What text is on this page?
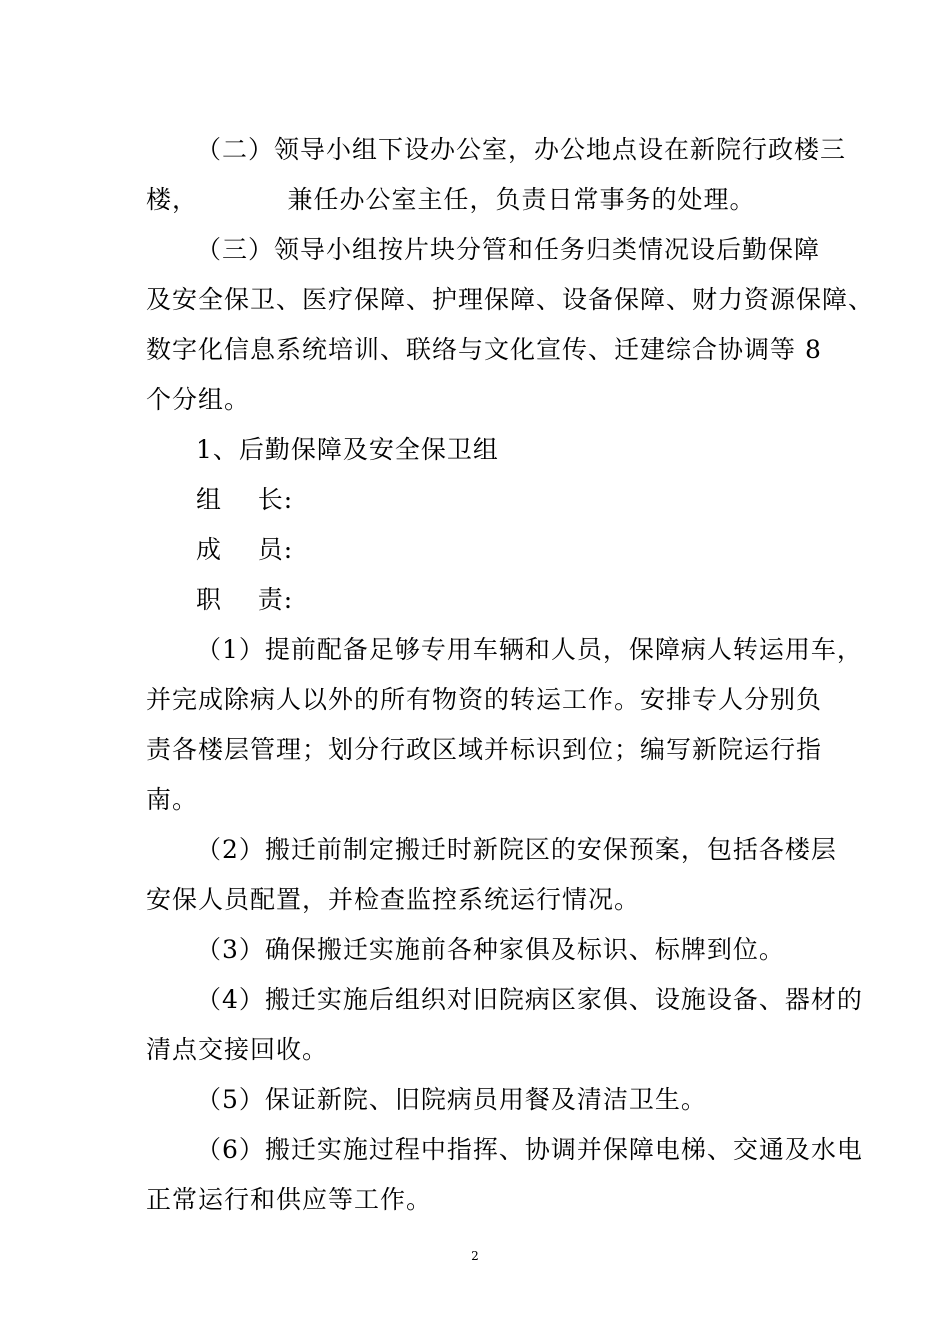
（二）领导小组下设办公室，办公地点设在新院行政楼三
楼，          兼任办公室主任，负责日常事务的处理。
（三）领导小组按片块分管和任务归类情况设后勤保障
及安全保卫、医疗保障、护理保障、设备保障、财力资源保障、
数字化信息系统培训、联络与文化宣传、迁建综合协调等 8
个分组。
1、后勤保障及安全保卫组
组    长:
成    员:
职    责:
（1）提前配备足够专用车辆和人员，保障病人转运用车，
并完成除病人以外的所有物资的转运工作。安排专人分别负
责各楼层管理；划分行政区域并标识到位；编写新院运行指
南。
（2）搬迁前制定搬迁时新院区的安保预案，包括各楼层
安保人员配置，并检查监控系统运行情况。
（3）确保搬迁实施前各种家俱及标识、标牌到位。
（4）搬迁实施后组织对旧院病区家俱、设施设备、器材的
清点交接回收。
（5）保证新院、旧院病员用餐及清洁卫生。
（6）搬迁实施过程中指挥、协调并保障电梯、交通及水电
正常运行和供应等工作。
2
